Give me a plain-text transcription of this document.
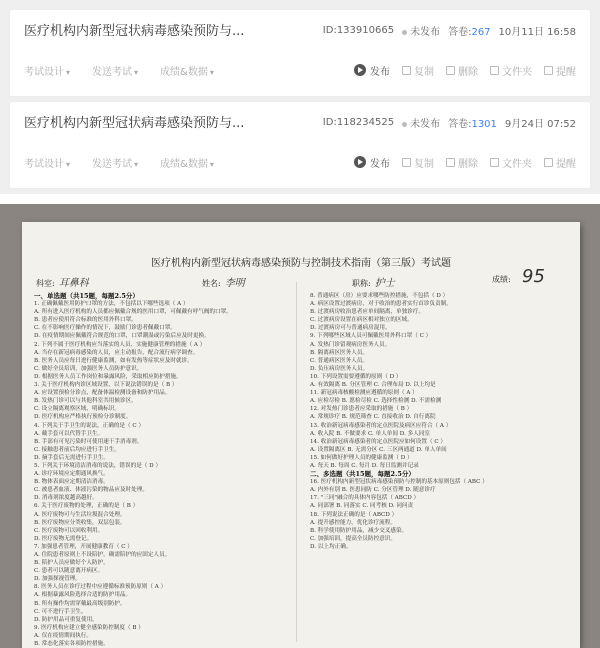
医疗机构内新型冠状病毒感染预防与...	ID:133910665	未发布 答卷:267 10月11日 16:58
考试设计 ▾ 发送考试 ▾ 成绩&数据 ▾	发布 复制 删除 文件夹 提醒
医疗机构内新型冠状病毒感染预防与...	ID:118234525	未发布 答卷:1301 9月24日 07:52
考试设计 ▾ 发送考试 ▾ 成绩&数据 ▾	发布 复制 删除 文件夹 提醒
医疗机构内新型冠状病毒感染预防与控制技术指南（第三版）考试题
科室: 耳鼻科	姓名: 李明	职称: 护士	成绩: 95
一、单选题（共15题，每题2.5分）
1. 正确佩戴医用防护口罩的方法，不包括以下哪些选项（ A ）
A. 所有进入医疗机构的人员都应佩戴合规的医用口罩，可佩戴有呼气阀的口罩。
B. 患者应使用符合标准的医用外科口罩。
C. 在不影响医疗操作的情况下，鼓励门诊患者佩戴口罩。
D. 在疫情期间应佩戴符合规范的口罩，口罩潮湿或污染后应及时更换。
2. 下列不属于医疗机构应当落实的人员、实施健康管理的措施（ A ）
A. 当存在新冠病毒感染的人员，应主动报告，配合流行病学调查。
B. 医务人员应每日进行健康监测，如有发热等症状应及时就诊。
C. 做好全员培训，加强医务人员防护意识。
D. 根据医务人员工作岗位和暴露风险，采取相应防护措施。
3. 关于医疗机构内诊区域设置，以下说法错误的是（ B ）
A. 应设置预检分诊点，配备体温检测设备和防护用品。
B. 发热门诊可以与其他科室共用候诊区。
C. 设立隔离观察区域，明确标识。
D. 医疗机构应严格执行预检分诊制度。
4. 下列关于手卫生的说法，正确的是（ C ）
A. 戴手套可以代替手卫生。
B. 手部有可见污染时可使用速干手消毒剂。
C. 接触患者前后均应进行手卫生。
D. 摘手套后无需进行手卫生。
5. 下列关于环境清洁消毒的说法，错误的是（ D ）
A. 诊疗环境应定期通风换气。
B. 物体表面应定期清洁消毒。
C. 被患者血液、体液污染的物品应及时处理。
D. 消毒剂浓度越高越好。
6. 关于医疗废物的处理，正确的是（ B ）
A. 医疗废物可与生活垃圾混合处理。
B. 医疗废物应分类收集，双层包装。
C. 医疗废物可以回收利用。
D. 医疗废物无需登记。
7. 加强患者管理，开展健康教育（ C ）
A. 住院患者原则上不设陪护，确需陪护的应固定人员。
B. 陪护人员应做好个人防护。
C. 患者可以随意离开病区。
D. 加强探视管理。
8. 医务人员在诊疗过程中应遵循标准预防原则（ A ）
A. 根据暴露风险选择合适的防护用品。
B. 所有操作均需穿戴最高级别防护。
C. 可不进行手卫生。
D. 防护用品可重复使用。
9. 医疗机构应建立健全感染防控制度（ B ）
A. 仅在疫情期间执行。
B. 常态化落实各项防控措施。
8. 普通病区（房）应要求哪些防控措施，不包括（ D ）
A. 病区设置过渡病房，对于收治的患者实行首诊负责制。
B. 过渡病房收治患者应单间隔离，单独诊疗。
C. 过渡病房设置在病区相对独立的区域。
D. 过渡病房可与普通病房混用。
9. 下列哪些区域人员可佩戴医用外科口罩（ C ）
A. 发热门诊留观病房医务人员。
B. 隔离病区医务人员。
C. 普通病区医务人员。
D. 负压病房医务人员。
10. 下列设置需要遵循的原则（ D ）
A. 有效隔离 B. 分区管理 C. 合理布局 D. 以上均是
11. 新冠病毒核酸检测应遵循的原则（ A ）
A. 应检尽检 B. 愿检尽检 C. 选择性检测 D. 不需检测
12. 对发热门诊患者应采取的措施（ B ）
A. 常规诊疗 B. 规范筛查 C. 直接收治 D. 自行离院
13. 收治新冠病毒感染者的定点医院及病区应符合（ A ）
A. 收入院 B. 不做要求 C. 单人单间 D. 多人同室
14. 收治新冠病毒感染者的定点医院应如何设置（ C ）
A. 设置隔离区 B. 无需分区 C. 三区两通道 D. 单人单间
15. 如何做好护理人员的健康监测（ D ）
A. 每天 B. 每周 C. 每月 D. 每日监测并记录
二、多选题（共15题，每题2.5分）
16. 医疗机构内新型冠状病毒感染预防与控制的基本原则包括（ ABC ）
A. 内外有别 B. 医患同防 C. 分区管理 D. 随意诊疗
17. "三同"融合的具体内容包括（ ABCD ）
A. 同部署 B. 同落实 C. 同考核 D. 同问责
18. 下列说法正确的是（ ABCD ）
A. 提升感控能力，优化诊疗流程。
B. 科学使用防护用品，减少交叉感染。
C. 加强培训，提高全员防控意识。
D. 以上均正确。
